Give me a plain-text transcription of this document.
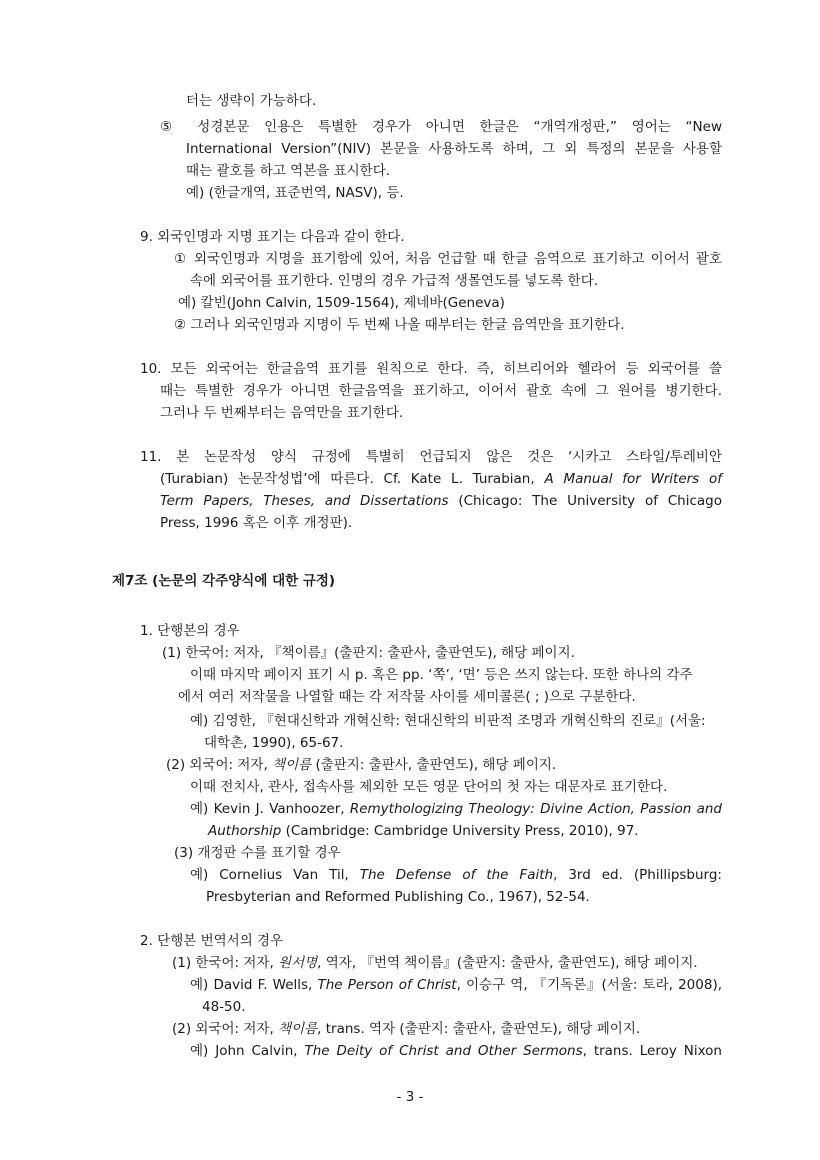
터는 생략이 가능하다.
⑤ 성경본문 인용은 특별한 경우가 아니면 한글은 “개역개정판,” 영어는 “New
International Version”(NIV) 본문을 사용하도록 하며, 그 외 특정의 본문을 사용할
때는 괄호를 하고 역본을 표시한다.
예) (한글개역, 표준번역, NASV), 등.
9. 외국인명과 지명 표기는 다음과 같이 한다.
① 외국인명과 지명을 표기함에 있어, 처음 언급할 때 한글 음역으로 표기하고 이어서 괄호
속에 외국어를 표기한다. 인명의 경우 가급적 생몰연도를 넣도록 한다.
예) 칼빈(John Calvin, 1509-1564), 제네바(Geneva)
② 그러나 외국인명과 지명이 두 번째 나올 때부터는 한글 음역만을 표기한다.
10. 모든 외국어는 한글음역 표기를 원칙으로 한다. 즉, 히브리어와 헬라어 등 외국어를 쓸
때는 특별한 경우가 아니면 한글음역을 표기하고, 이어서 괄호 속에 그 원어를 병기한다.
그러나 두 번째부터는 음역만을 표기한다.
11. 본 논문작성 양식 규정에 특별히 언급되지 않은 것은 ‘시카고 스타일/투레비안
(Turabian) 논문작성법’에 따른다. Cf. Kate L. Turabian, A Manual for Writers of
Term Papers, Theses, and Dissertations (Chicago: The University of Chicago
Press, 1996 혹은 이후 개정판).
제7조 (논문의 각주양식에 대한 규정)
1. 단행본의 경우
(1) 한국어: 저자, 『책이름』(출판지: 출판사, 출판연도), 해당 페이지.
이때 마지막 페이지 표기 시 p. 혹은 pp. ‘쪽’, ‘면’ 등은 쓰지 않는다. 또한 하나의 각주
에서 여러 저작물을 나열할 때는 각 저작물 사이를 세미콜론( ; )으로 구분한다.
예) 김영한, 『현대신학과 개혁신학: 현대신학의 비판적 조명과 개혁신학의 진로』(서울:
대학촌, 1990), 65-67.
(2) 외국어: 저자, 책이름 (출판지: 출판사, 출판연도), 해당 페이지.
이때 전치사, 관사, 접속사를 제외한 모든 영문 단어의 첫 자는 대문자로 표기한다.
예) Kevin J. Vanhoozer, Remythologizing Theology: Divine Action, Passion and
Authorship (Cambridge: Cambridge University Press, 2010), 97.
(3) 개정판 수를 표기할 경우
예) Cornelius Van Til, The Defense of the Faith, 3rd ed. (Phillipsburg:
Presbyterian and Reformed Publishing Co., 1967), 52-54.
2. 단행본 번역서의 경우
(1) 한국어: 저자, 원서명, 역자, 『번역 책이름』(출판지: 출판사, 출판연도), 해당 페이지.
예) David F. Wells, The Person of Christ, 이승구 역, 『기독론』(서울: 토라, 2008),
48-50.
(2) 외국어: 저자, 책이름, trans. 역자 (출판지: 출판사, 출판연도), 해당 페이지.
예) John Calvin, The Deity of Christ and Other Sermons, trans. Leroy Nixon
- 3 -
